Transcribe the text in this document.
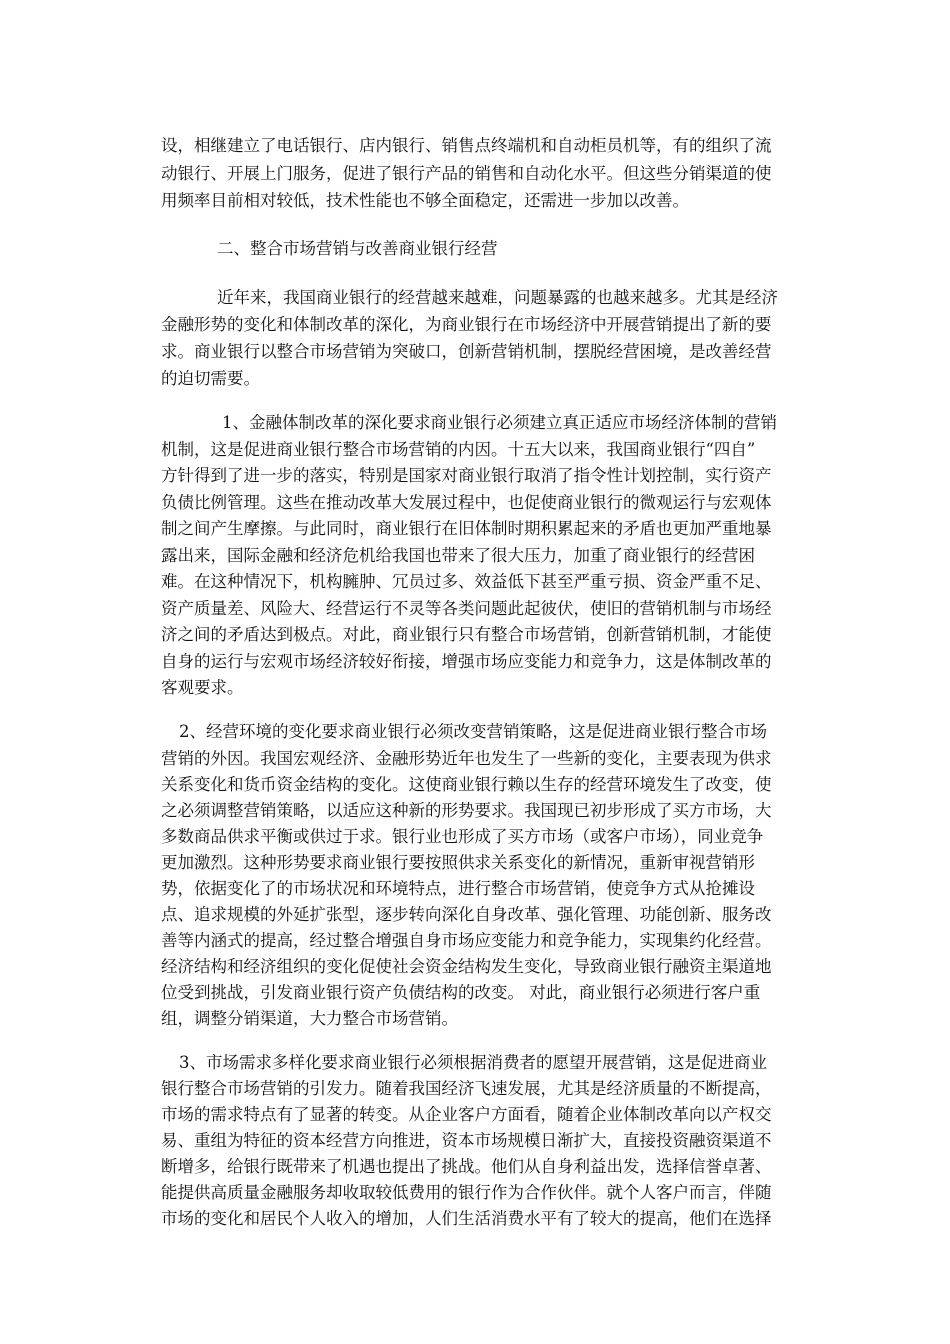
设，相继建立了电话银行、店内银行、销售点终端机和自动柜员机等，有的组织了流

动银行、开展上门服务，促进了银行产品的销售和自动化水平。但这些分销渠道的使

用频率目前相对较低，技术性能也不够全面稳定，还需进一步加以改善。

二、整合市场营销与改善商业银行经营

近年来，我国商业银行的经营越来越难，问题暴露的也越来越多。尤其是经济

金融形势的变化和体制改革的深化，为商业银行在市场经济中开展营销提出了新的要

求。商业银行以整合市场营销为突破口，创新营销机制，摆脱经营困境，是改善经营

的迫切需要。

1、金融体制改革的深化要求商业银行必须建立真正适应市场经济体制的营销

机制，这是促进商业银行整合市场营销的内因。十五大以来，我国商业银行“四自”

方针得到了进一步的落实，特别是国家对商业银行取消了指令性计划控制，实行资产

负债比例管理。这些在推动改革大发展过程中，也促使商业银行的微观运行与宏观体

制之间产生摩擦。与此同时，商业银行在旧体制时期积累起来的矛盾也更加严重地暴

露出来，国际金融和经济危机给我国也带来了很大压力，加重了商业银行的经营困

难。在这种情况下，机构臃肿、冗员过多、效益低下甚至严重亏损、资金严重不足、

资产质量差、风险大、经营运行不灵等各类问题此起彼伏，使旧的营销机制与市场经

济之间的矛盾达到极点。对此，商业银行只有整合市场营销，创新营销机制，才能使

自身的运行与宏观市场经济较好衔接，增强市场应变能力和竞争力，这是体制改革的

客观要求。

2、经营环境的变化要求商业银行必须改变营销策略，这是促进商业银行整合市场

营销的外因。我国宏观经济、金融形势近年也发生了一些新的变化，主要表现为供求

关系变化和货币资金结构的变化。这使商业银行赖以生存的经营环境发生了改变，使

之必须调整营销策略，以适应这种新的形势要求。我国现已初步形成了买方市场，大

多数商品供求平衡或供过于求。银行业也形成了买方市场（或客户市场），同业竞争

更加激烈。这种形势要求商业银行要按照供求关系变化的新情况，重新审视营销形

势，依据变化了的市场状况和环境特点，进行整合市场营销，使竞争方式从抢摊设

点、追求规模的外延扩张型，逐步转向深化自身改革、强化管理、功能创新、服务改

善等内涵式的提高，经过整合增强自身市场应变能力和竞争能力，实现集约化经营。

经济结构和经济组织的变化促使社会资金结构发生变化，导致商业银行融资主渠道地

位受到挑战，引发商业银行资产负债结构的改变。 对此，商业银行必须进行客户重

组，调整分销渠道，大力整合市场营销。

3、市场需求多样化要求商业银行必须根据消费者的愿望开展营销，这是促进商业

银行整合市场营销的引发力。随着我国经济飞速发展，尤其是经济质量的不断提高，

市场的需求特点有了显著的转变。从企业客户方面看，随着企业体制改革向以产权交

易、重组为特征的资本经营方向推进，资本市场规模日渐扩大，直接投资融资渠道不

断增多，给银行既带来了机遇也提出了挑战。他们从自身利益出发，选择信誉卓著、

能提供高质量金融服务却收取较低费用的银行作为合作伙伴。就个人客户而言，伴随

市场的变化和居民个人收入的增加，人们生活消费水平有了较大的提高，他们在选择
